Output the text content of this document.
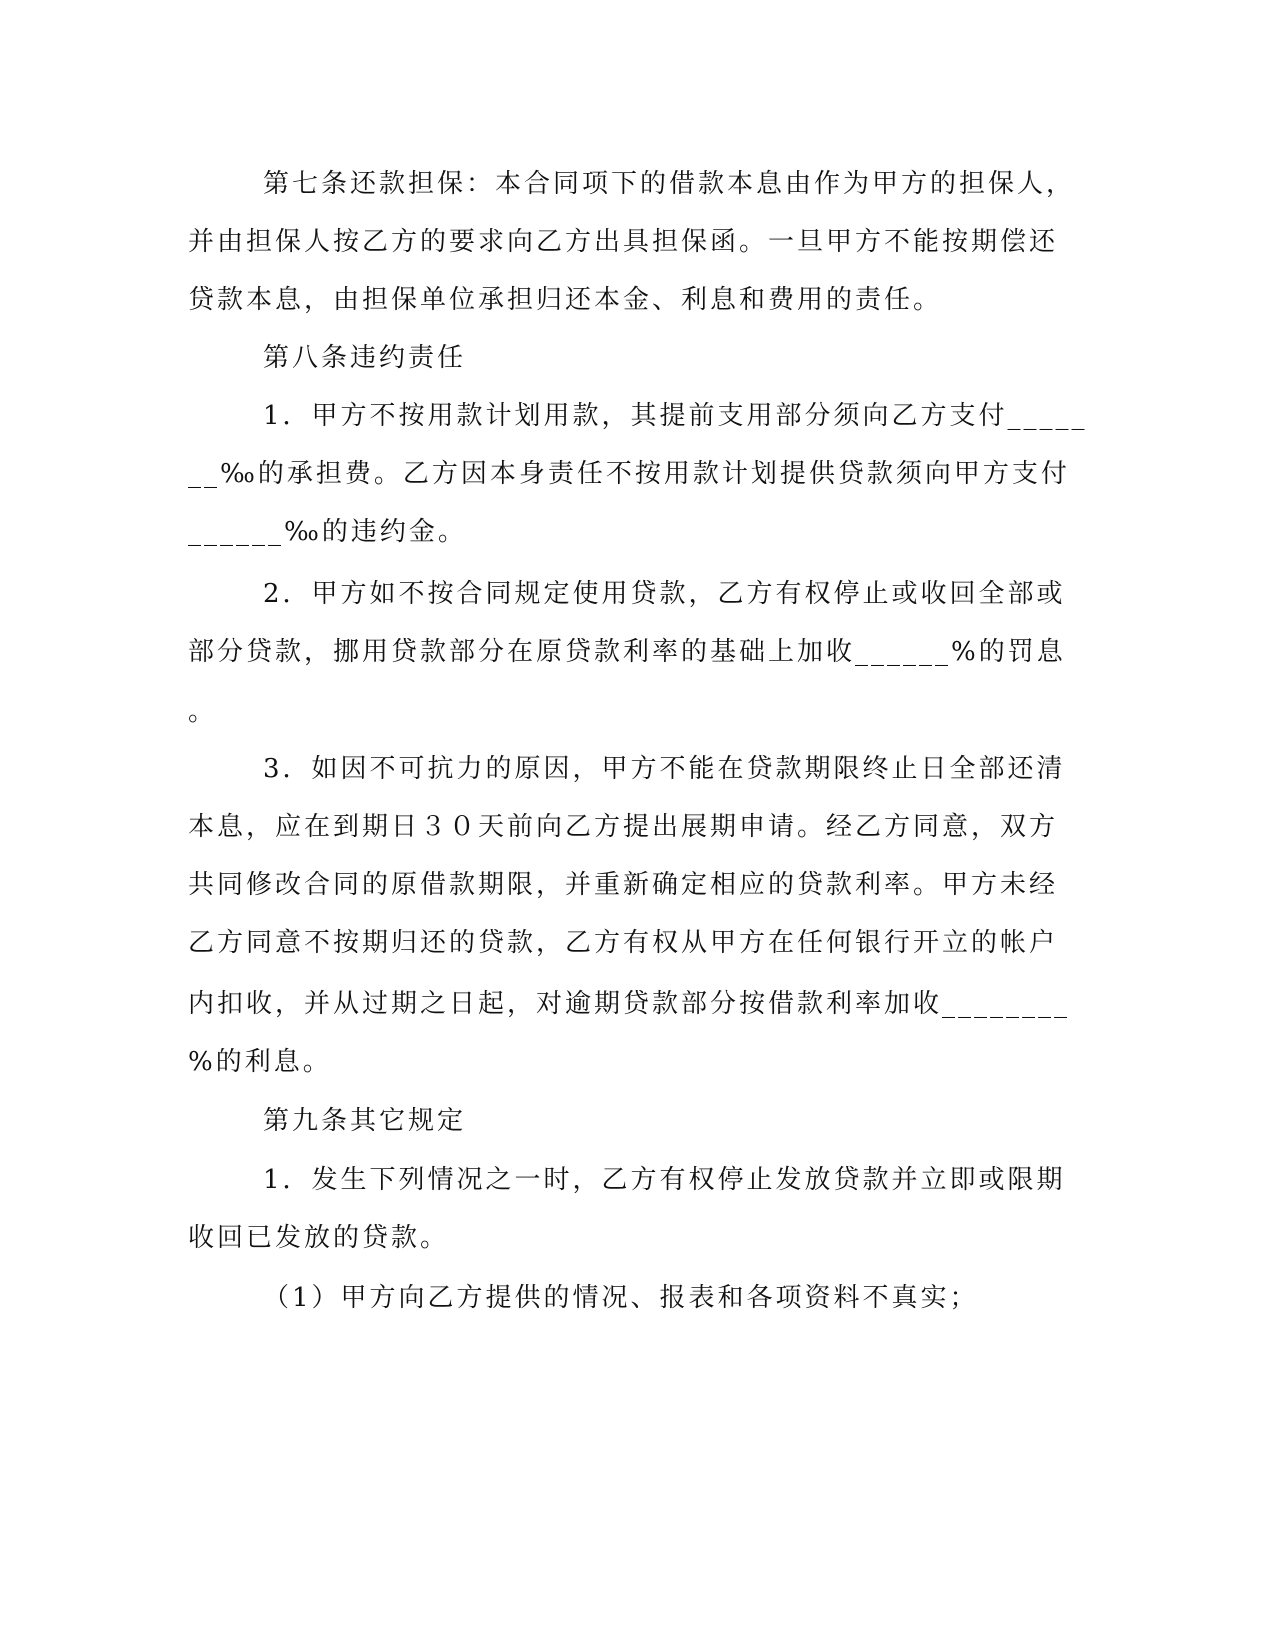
第七条还款担保：本合同项下的借款本息由作为甲方的担保人，
并由担保人按乙方的要求向乙方出具担保函。一旦甲方不能按期偿还
贷款本息，由担保单位承担归还本金、利息和费用的责任。
第八条违约责任
1．甲方不按用款计划用款，其提前支用部分须向乙方支付_____
__‰的承担费。乙方因本身责任不按用款计划提供贷款须向甲方支付
______‰的违约金。
2．甲方如不按合同规定使用贷款，乙方有权停止或收回全部或
部分贷款，挪用贷款部分在原贷款利率的基础上加收______%的罚息
。
3．如因不可抗力的原因，甲方不能在贷款期限终止日全部还清
本息，应在到期日３０天前向乙方提出展期申请。经乙方同意，双方
共同修改合同的原借款期限，并重新确定相应的贷款利率。甲方未经
乙方同意不按期归还的贷款，乙方有权从甲方在任何银行开立的帐户
内扣收，并从过期之日起，对逾期贷款部分按借款利率加收________
%的利息。
第九条其它规定
1．发生下列情况之一时，乙方有权停止发放贷款并立即或限期
收回已发放的贷款。
（1）甲方向乙方提供的情况、报表和各项资料不真实；
